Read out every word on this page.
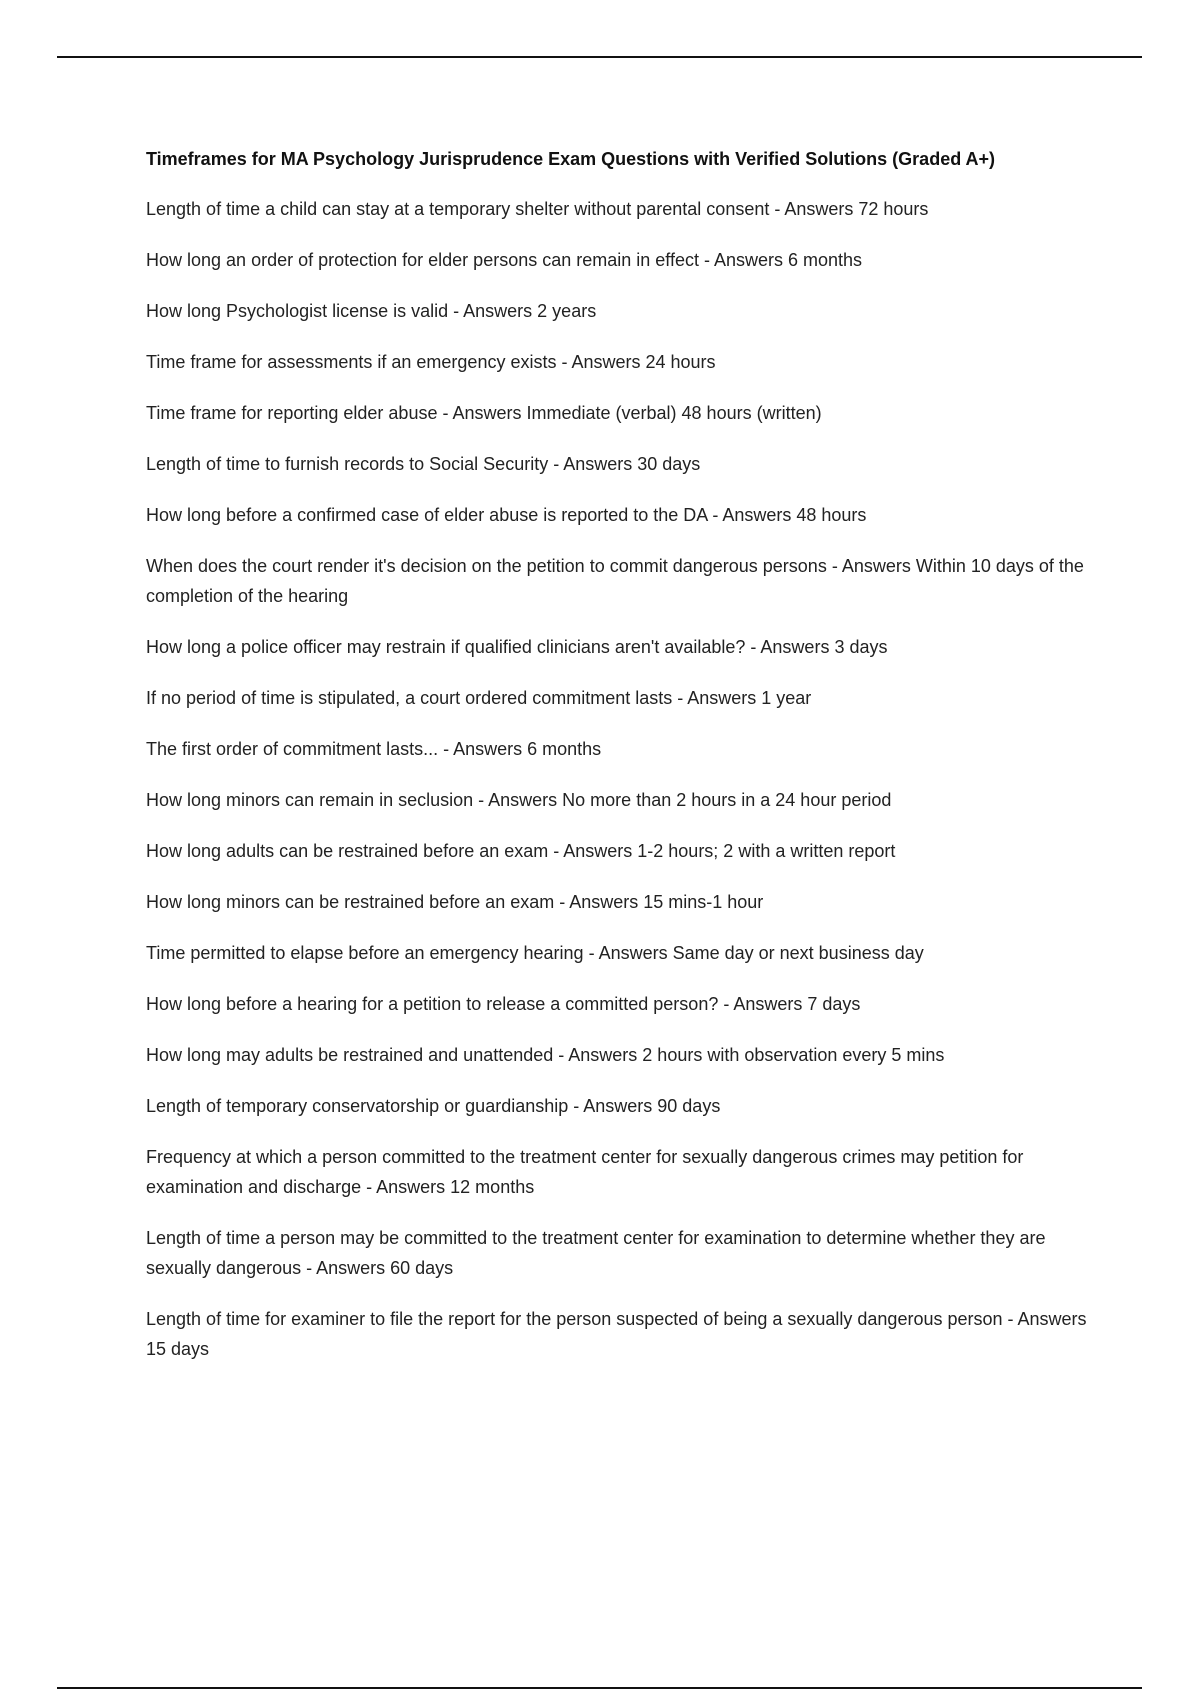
Timeframes for MA Psychology Jurisprudence Exam Questions with Verified Solutions (Graded A+)
Length of time a child can stay at a temporary shelter without parental consent - Answers 72 hours
How long an order of protection for elder persons can remain in effect - Answers 6 months
How long Psychologist license is valid - Answers 2 years
Time frame for assessments if an emergency exists - Answers 24 hours
Time frame for reporting elder abuse - Answers Immediate (verbal) 48 hours (written)
Length of time to furnish records to Social Security - Answers 30 days
How long before a confirmed case of elder abuse is reported to the DA - Answers 48 hours
When does the court render it's decision on the petition to commit dangerous persons - Answers Within 10 days of the completion of the hearing
How long a police officer may restrain if qualified clinicians aren't available? - Answers 3 days
If no period of time is stipulated, a court ordered commitment lasts - Answers 1 year
The first order of commitment lasts... - Answers 6 months
How long minors can remain in seclusion - Answers No more than 2 hours in a 24 hour period
How long adults can be restrained before an exam - Answers 1-2 hours; 2 with a written report
How long minors can be restrained before an exam - Answers 15 mins-1 hour
Time permitted to elapse before an emergency hearing - Answers Same day or next business day
How long before a hearing for a petition to release a committed person? - Answers 7 days
How long may adults be restrained and unattended - Answers 2 hours with observation every 5 mins
Length of temporary conservatorship or guardianship - Answers 90 days
Frequency at which a person committed to the treatment center for sexually dangerous crimes may petition for examination and discharge - Answers 12 months
Length of time a person may be committed to the treatment center for examination to determine whether they are sexually dangerous - Answers 60 days
Length of time for examiner to file the report for the person suspected of being a sexually dangerous person - Answers 15 days
